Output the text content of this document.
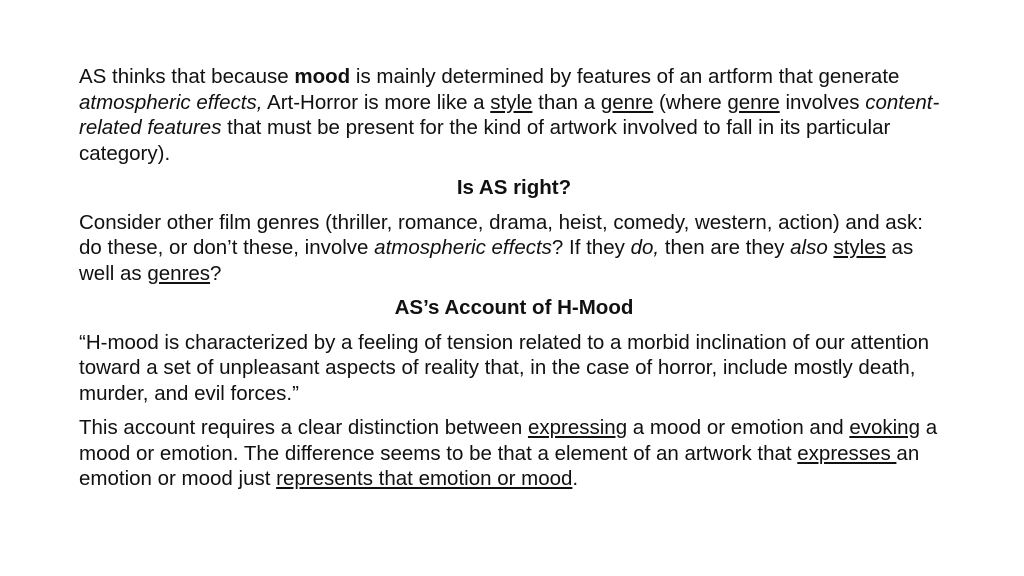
AS thinks that because mood is mainly determined by features of an artform that generate atmospheric effects, Art-Horror is more like a style than a genre (where genre involves content-related features that must be present for the kind of artwork involved to fall in its particular category).

Is AS right?

Consider other film genres (thriller, romance, drama, heist, comedy, western, action) and ask: do these, or don’t these, involve atmospheric effects? If they do, then are they also styles as well as genres?

AS’s Account of H-Mood

“H-mood is characterized by a feeling of tension related to a morbid inclination of our attention toward a set of unpleasant aspects of reality that, in the case of horror, include mostly death, murder, and evil forces.”

This account requires a clear distinction between expressing a mood or emotion and evoking a mood or emotion. The difference seems to be that a element of an artwork that expresses an emotion or mood just represents that emotion or mood.
